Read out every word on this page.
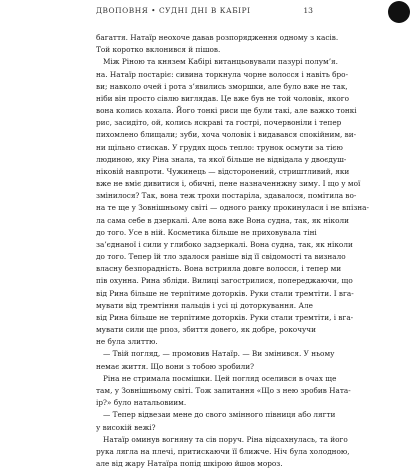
ДВОПОВНЯ • СУДНІ ДНІ В КАБІРІ	13
багаття. Натаїр неохоче давав розпорядження одному з касів.
Той коротко вклонився й пішов.
Між Ріною та князем Кабірі витанцьовували пазурі полум’я.
на. Натаїр постаріє: сивина торкнула чорне волосся і навіть бро-
ви; навколо очей і ротa з’явились зморшки, але було вже не так,
ніби він просто сівлю виглядав. Це вже був не той чоловік, якого
вона колись кохала. Його тонкі риси ще були такі, але важко тонкі
рис, засидіто, ой, колись яскраві та гострі, почервоніли і тепер
пихомлено блищали; зуби, хоча чоловік і видавався спокійним, ви-
ни щільно стискав. У грудях щось тепло: трунок осмути за тією
людиною, яку Ріна знала, та якої більше не відвідала у двоєдуш-
ніковій навпроти. Чужинець — відсторонений, стриштливий, яки
вже не вміє дивитися і, обичні, пене назначеннжну зиму. І що у мої
змінилося? Так, вона теж трохи постаріла, здавалося, помітила во-
на те ще у Зовнішньому світі — одного ранку прокинулася і не впізна-
ла сама себе в дзеркалі. Але вона вже Вона судна, так, як ніколи
до того. Усе в ній. Косметика більше не приховувала тіні
за’єднаної і сили у глибоко задзеркалі. Вона судна, так, як ніколи
до того. Тепер їй тло здалося раніше від її свідомості та визнало
власну безпорадність. Вона встрияла довге волосся, і тепер ми
пів охунна. Рина збліди. Вилиці загострилися, попереджаючи, що
від Рина більше не терпітиме доторків. Руки стали тремтіти. І вга-
мувати від тремтіння пальців і усі ці доторкування. Але
від Рина більше не терпітиме доторків. Руки стали тремтіти, і вга-
мувати сили ще рпоз, збиття довего, як добре, рокочучи
не була злиттю.
— Твій погляд, — промовив Натаїр. — Ви змінився. У ньому
немає життя. Що вони з тобою зробили?
Ріна не стримала посмішки. Цей погляд оселився в очах ще
там, у Зовнішньому світі. Тож запитання «Що з нею зробив Ната-
ір?» було натальовиим.
— Тепер відвезаи мене до свого змінного півниця або лягти
у високій вежі?
Натаїр оминув вогняну та сів поруч. Ріна відсахнулась, та його
рука лягла на плечі, притискаючи її ближче. Ніч була холодною,
але від жару Натаїра попід шкірою йшов мороз.
